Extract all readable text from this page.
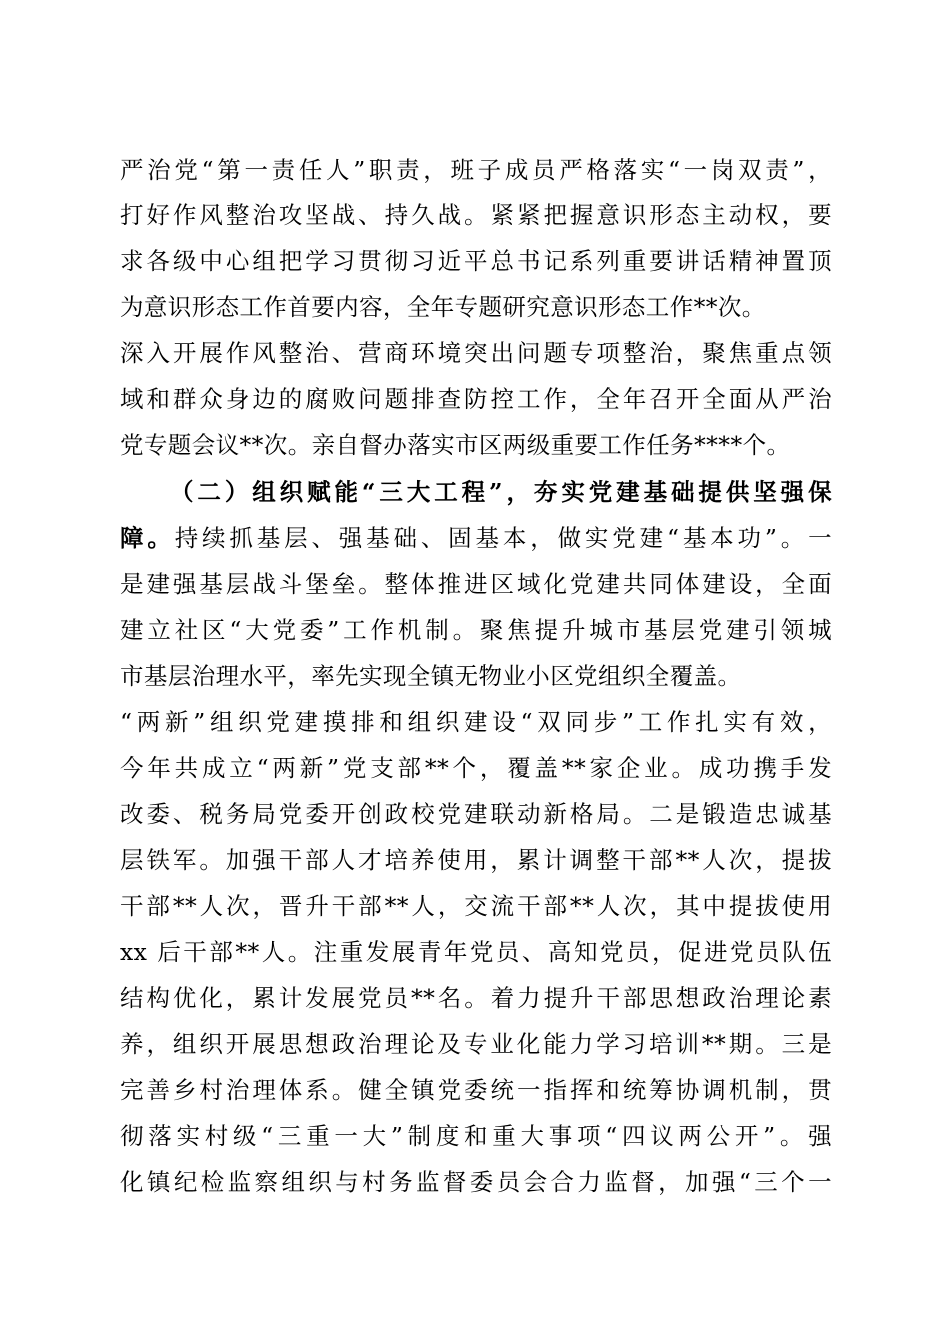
严治党“第一责任人”职责，班子成员严格落实“一岗双责”，
打好作风整治攻坚战、持久战。紧紧把握意识形态主动权，要
求各级中心组把学习贯彻习近平总书记系列重要讲话精神置顶
为意识形态工作首要内容，全年专题研究意识形态工作**次。
深入开展作风整治、营商环境突出问题专项整治，聚焦重点领
域和群众身边的腐败问题排查防控工作，全年召开全面从严治
党专题会议**次。亲自督办落实市区两级重要工作任务****个。
（二）组织赋能“三大工程”，夯实党建基础提供坚强保
障。持续抓基层、强基础、固基本，做实党建“基本功”。一
是建强基层战斗堡垒。整体推进区域化党建共同体建设，全面
建立社区“大党委”工作机制。聚焦提升城市基层党建引领城
市基层治理水平，率先实现全镇无物业小区党组织全覆盖。
“两新”组织党建摸排和组织建设“双同步”工作扎实有效，
今年共成立“两新”党支部**个，覆盖**家企业。成功携手发
改委、税务局党委开创政校党建联动新格局。二是锻造忠诚基
层铁军。加强干部人才培养使用，累计调整干部**人次，提拔
干部**人次，晋升干部**人，交流干部**人次，其中提拔使用
xx 后干部**人。注重发展青年党员、高知党员，促进党员队伍
结构优化，累计发展党员**名。着力提升干部思想政治理论素
养，组织开展思想政治理论及专业化能力学习培训**期。三是
完善乡村治理体系。健全镇党委统一指挥和统筹协调机制，贯
彻落实村级“三重一大”制度和重大事项“四议两公开”。强
化镇纪检监察组织与村务监督委员会合力监督，加强“三个一
